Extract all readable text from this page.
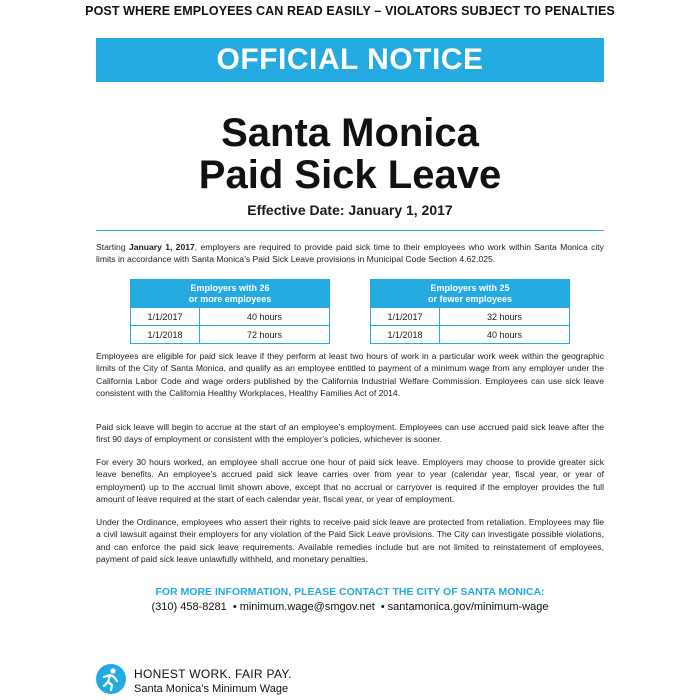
POST WHERE EMPLOYEES CAN READ EASILY – VIOLATORS SUBJECT TO PENALTIES
OFFICIAL NOTICE
Santa Monica
Paid Sick Leave
Effective Date: January 1, 2017
Starting January 1, 2017, employers are required to provide paid sick time to their employees who work within Santa Monica city limits in accordance with Santa Monica’s Paid Sick Leave provisions in Municipal Code Section 4.62.025.
Employers with 26
or more employees	

1/1/2017	40 hours
1/1/2018	72 hours
Employers with 25
or fewer employees	

1/1/2017	32 hours
1/1/2018	40 hours
Employees are eligible for paid sick leave if they perform at least two hours of work in a particular work week within the geographic limits of the City of Santa Monica, and qualify as an employee entitled to payment of a minimum wage from any employer under the California Labor Code and wage orders published by the California Industrial Welfare Commission. Employees can use sick leave consistent with the California Healthy Workplaces, Healthy Families Act of 2014.
Paid sick leave will begin to accrue at the start of an employee’s employment. Employees can use accrued paid sick leave after the first 90 days of employment or consistent with the employer’s policies, whichever is sooner.
For every 30 hours worked, an employee shall accrue one hour of paid sick leave. Employers may choose to provide greater sick leave benefits. An employee’s accrued paid sick leave carries over from year to year (calendar year, fiscal year, or year of employment) up to the accrual limit shown above, except that no accrual or carryover is required if the employer provides the full amount of leave required at the start of each calendar year, fiscal year, or year of employment.
Under the Ordinance, employees who assert their rights to receive paid sick leave are protected from retaliation. Employees may file a civil lawsuit against their employers for any violation of the Paid Sick Leave provisions. The City can investigate possible violations, and can enforce the paid sick leave requirements. Available remedies include but are not limited to reinstatement of employees, payment of paid sick leave unlawfully withheld, and monetary penalties.
FOR MORE INFORMATION, PLEASE CONTACT THE CITY OF SANTA MONICA:
(310) 458-8281 • minimum.wage@smgov.net • santamonica.gov/minimum-wage
HONEST WORK. FAIR PAY.
Santa Monica’s Minimum Wage
